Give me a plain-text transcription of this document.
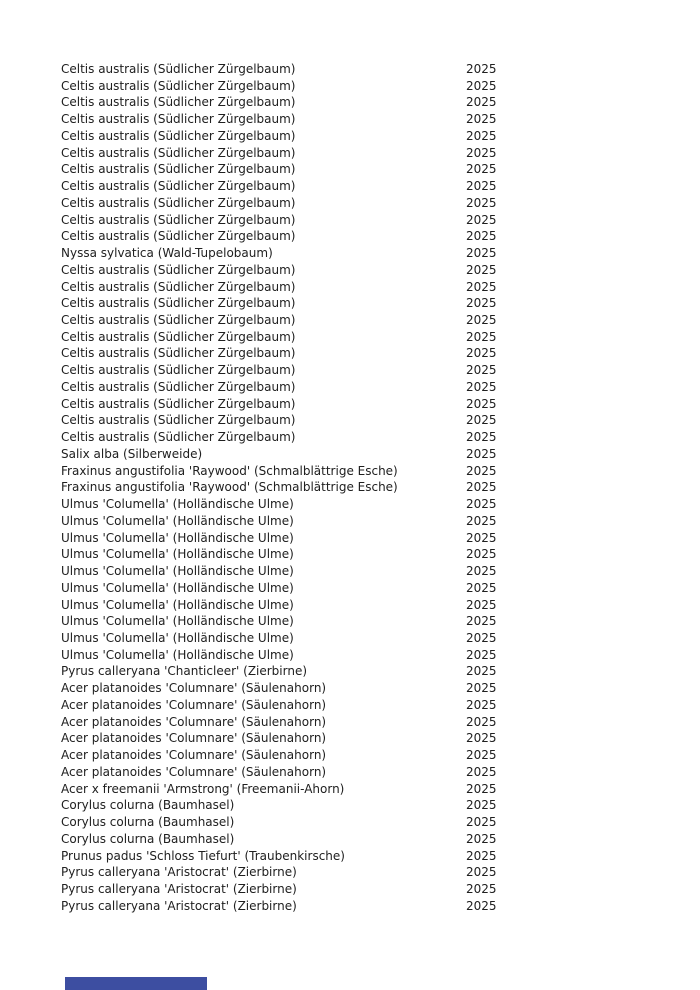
Celtis australis (Südlicher Zürgelbaum)	2025
Celtis australis (Südlicher Zürgelbaum)	2025
Celtis australis (Südlicher Zürgelbaum)	2025
Celtis australis (Südlicher Zürgelbaum)	2025
Celtis australis (Südlicher Zürgelbaum)	2025
Celtis australis (Südlicher Zürgelbaum)	2025
Celtis australis (Südlicher Zürgelbaum)	2025
Celtis australis (Südlicher Zürgelbaum)	2025
Celtis australis (Südlicher Zürgelbaum)	2025
Celtis australis (Südlicher Zürgelbaum)	2025
Celtis australis (Südlicher Zürgelbaum)	2025
Nyssa sylvatica (Wald-Tupelobaum)	2025
Celtis australis (Südlicher Zürgelbaum)	2025
Celtis australis (Südlicher Zürgelbaum)	2025
Celtis australis (Südlicher Zürgelbaum)	2025
Celtis australis (Südlicher Zürgelbaum)	2025
Celtis australis (Südlicher Zürgelbaum)	2025
Celtis australis (Südlicher Zürgelbaum)	2025
Celtis australis (Südlicher Zürgelbaum)	2025
Celtis australis (Südlicher Zürgelbaum)	2025
Celtis australis (Südlicher Zürgelbaum)	2025
Celtis australis (Südlicher Zürgelbaum)	2025
Celtis australis (Südlicher Zürgelbaum)	2025
Salix alba (Silberweide)	2025
Fraxinus angustifolia 'Raywood' (Schmalblättrige Esche)	2025
Fraxinus angustifolia 'Raywood' (Schmalblättrige Esche)	2025
Ulmus 'Columella' (Holländische Ulme)	2025
Ulmus 'Columella' (Holländische Ulme)	2025
Ulmus 'Columella' (Holländische Ulme)	2025
Ulmus 'Columella' (Holländische Ulme)	2025
Ulmus 'Columella' (Holländische Ulme)	2025
Ulmus 'Columella' (Holländische Ulme)	2025
Ulmus 'Columella' (Holländische Ulme)	2025
Ulmus 'Columella' (Holländische Ulme)	2025
Ulmus 'Columella' (Holländische Ulme)	2025
Ulmus 'Columella' (Holländische Ulme)	2025
Pyrus calleryana 'Chanticleer' (Zierbirne)	2025
Acer platanoides 'Columnare' (Säulenahorn)	2025
Acer platanoides 'Columnare' (Säulenahorn)	2025
Acer platanoides 'Columnare' (Säulenahorn)	2025
Acer platanoides 'Columnare' (Säulenahorn)	2025
Acer platanoides 'Columnare' (Säulenahorn)	2025
Acer platanoides 'Columnare' (Säulenahorn)	2025
Acer x freemanii 'Armstrong' (Freemanii-Ahorn)	2025
Corylus colurna (Baumhasel)	2025
Corylus colurna (Baumhasel)	2025
Corylus colurna (Baumhasel)	2025
Prunus padus 'Schloss Tiefurt' (Traubenkirsche)	2025
Pyrus calleryana 'Aristocrat' (Zierbirne)	2025
Pyrus calleryana 'Aristocrat' (Zierbirne)	2025
Pyrus calleryana 'Aristocrat' (Zierbirne)	2025
